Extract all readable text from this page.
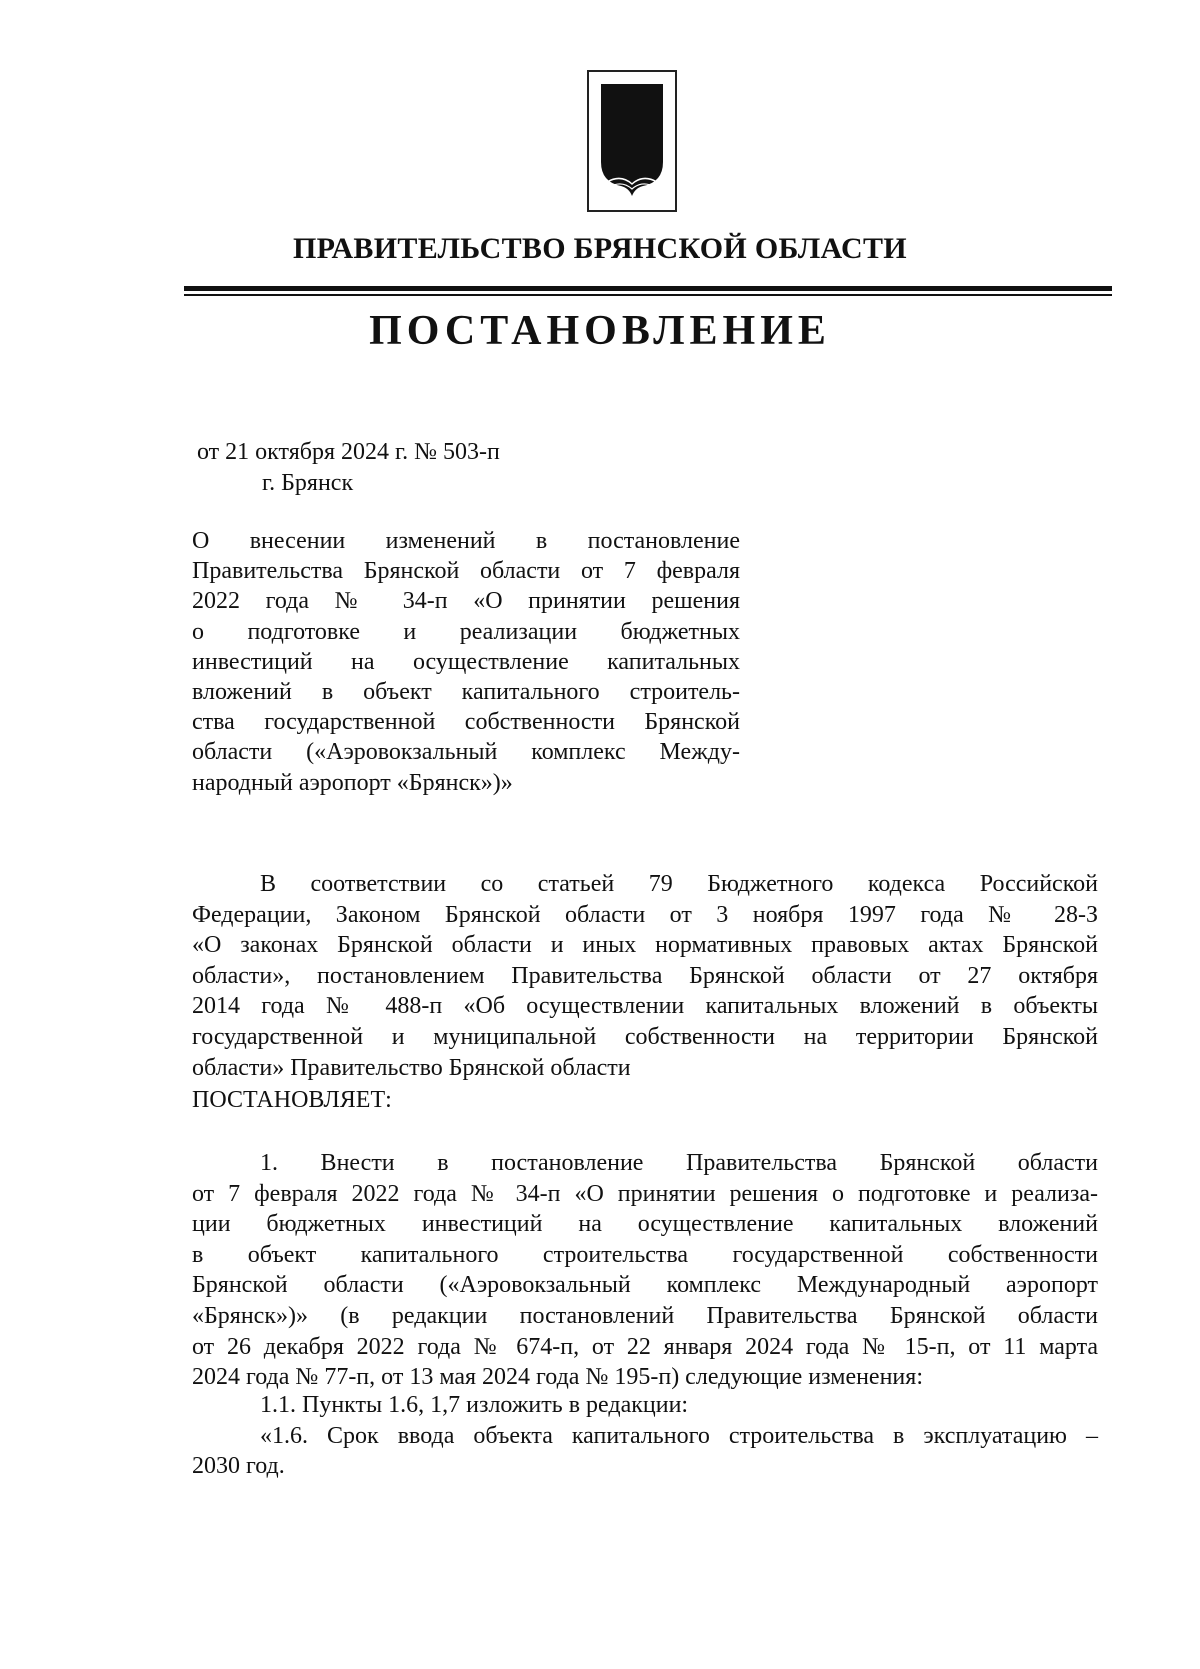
ПРАВИТЕЛЬСТВО БРЯНСКОЙ ОБЛАСТИ
ПОСТАНОВЛЕНИЕ
от 21 октября 2024 г. № 503-п
г. Брянск
О внесении изменений в постановление
Правительства Брянской области от 7 февраля
2022 года № 34-п «О принятии решения
о подготовке и реализации бюджетных
инвестиций на осуществление капитальных
вложений в объект капитального строитель-
ства государственной собственности Брянской
области («Аэровокзальный комплекс Между-
народный аэропорт «Брянск»)»
В соответствии со статьей 79 Бюджетного кодекса Российской
Федерации, Законом Брянской области от 3 ноября 1997 года № 28-З
«О законах Брянской области и иных нормативных правовых актах Брянской
области», постановлением Правительства Брянской области от 27 октября
2014 года № 488-п «Об осуществлении капитальных вложений в объекты
государственной и муниципальной собственности на территории Брянской
области» Правительство Брянской области
ПОСТАНОВЛЯЕТ:
1. Внести в постановление Правительства Брянской области
от 7 февраля 2022 года № 34-п «О принятии решения о подготовке и реализа-
ции бюджетных инвестиций на осуществление капитальных вложений
в объект капитального строительства государственной собственности
Брянской области («Аэровокзальный комплекс Международный аэропорт
«Брянск»)» (в редакции постановлений Правительства Брянской области
от 26 декабря 2022 года № 674-п, от 22 января 2024 года № 15-п, от 11 марта
2024 года № 77-п, от 13 мая 2024 года № 195-п) следующие изменения:
1.1. Пункты 1.6, 1,7 изложить в редакции:
«1.6. Срок ввода объекта капитального строительства в эксплуатацию –
2030 год.
